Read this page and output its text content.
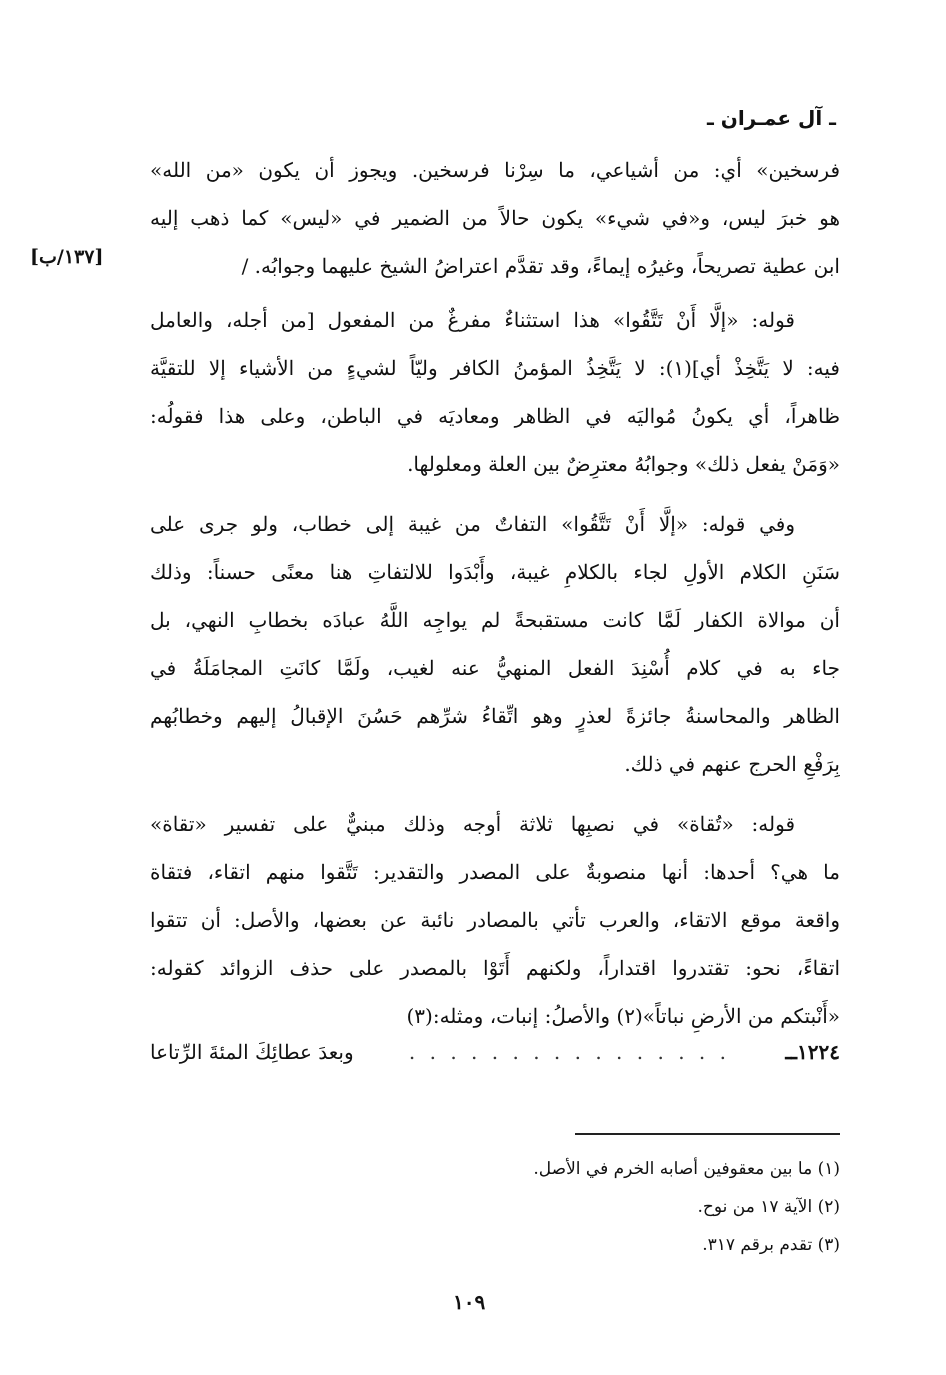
ـ آل عمـران ـ
فرسخين» أي: من أشياعي، ما سِرْنا فرسخين. ويجوز أن يكون «من الله»
هو خبرَ ليس، و«في شيء» يكون حالاً من الضمير في «ليس» كما ذهب إليه
ابن عطية تصريحاً، وغيرُه إيماءً، وقد تقدَّم اعتراضُ الشيخ عليهما وجوابُه. /
[١٣٧/ب]
قوله: «إلَّا أَنْ تَتَّقُوا» هذا استثناءٌ مفرغٌ من المفعول [من أجله، والعامل
فيه: لا يَتَّخِذْ أي](١): لا يَتَّخِذُ المؤمنُ الكافر وليّاً لشيءٍ من الأشياء إلا للتقيَّة
ظاهراً، أي يكونُ مُواليَه في الظاهر ومعاديَه في الباطن، وعلى هذا فقولُه:
«وَمَنْ يفعل ذلك» وجوابُهُ معترِضٌ بين العلة ومعلولها.
وفي قوله: «إلَّا أَنْ تَتَّقُوا» التفاتٌ من غيبة إلى خطاب، ولو جرى على
سَنَنِ الكلام الأولِ لجاء بالكلامِ غيبة، وأَبْدَوا للالتفاتِ هنا معنًى حسناً: وذلك
أن موالاة الكفار لَمَّا كانت مستقبحةً لم يواجِه اللَّهُ عبادَه بخطابِ النهي، بل
جاء به في كلام أُسْنِدَ الفعل المنهيُّ عنه لغيب، ولَمَّا كانَتِ المجامَلَةُ في
الظاهر والمحاسنةُ جائزةً لعذرٍ وهو اتِّقاءُ شرِّهم حَسُنَ الإقبالُ إليهم وخطابُهم
بِرَفْعِ الحرج عنهم في ذلك.
قوله: «تُقاة» في نصبِها ثلاثة أوجه وذلك مبنيٌّ على تفسير «تقاة»
ما هي؟ أحدها: أنها منصوبةٌ على المصدر والتقدير: تَتَّقوا منهم اتقاء، فتقاة
واقعة موقع الاتقاء، والعرب تأتي بالمصادر نائبة عن بعضها، والأصل: أن تتقوا
اتقاءً، نحو: تقتدروا اقتداراً، ولكنهم أَتَوْا بالمصدر على حذف الزوائد كقوله:
«أَنْبتكم من الأرضِ نباتاً»(٢) والأصلُ: إنبات، ومثله:(٣)
١٢٢٤ــ
. . . . . . . . . . . . . . . .
وبعدَ عطائِكَ المئةَ الرِّتاعا
(١) ما بين معقوفين أصابه الخرم في الأصل.
(٢) الآية ١٧ من نوح.
(٣) تقدم برقم ٣١٧.
١٠٩
